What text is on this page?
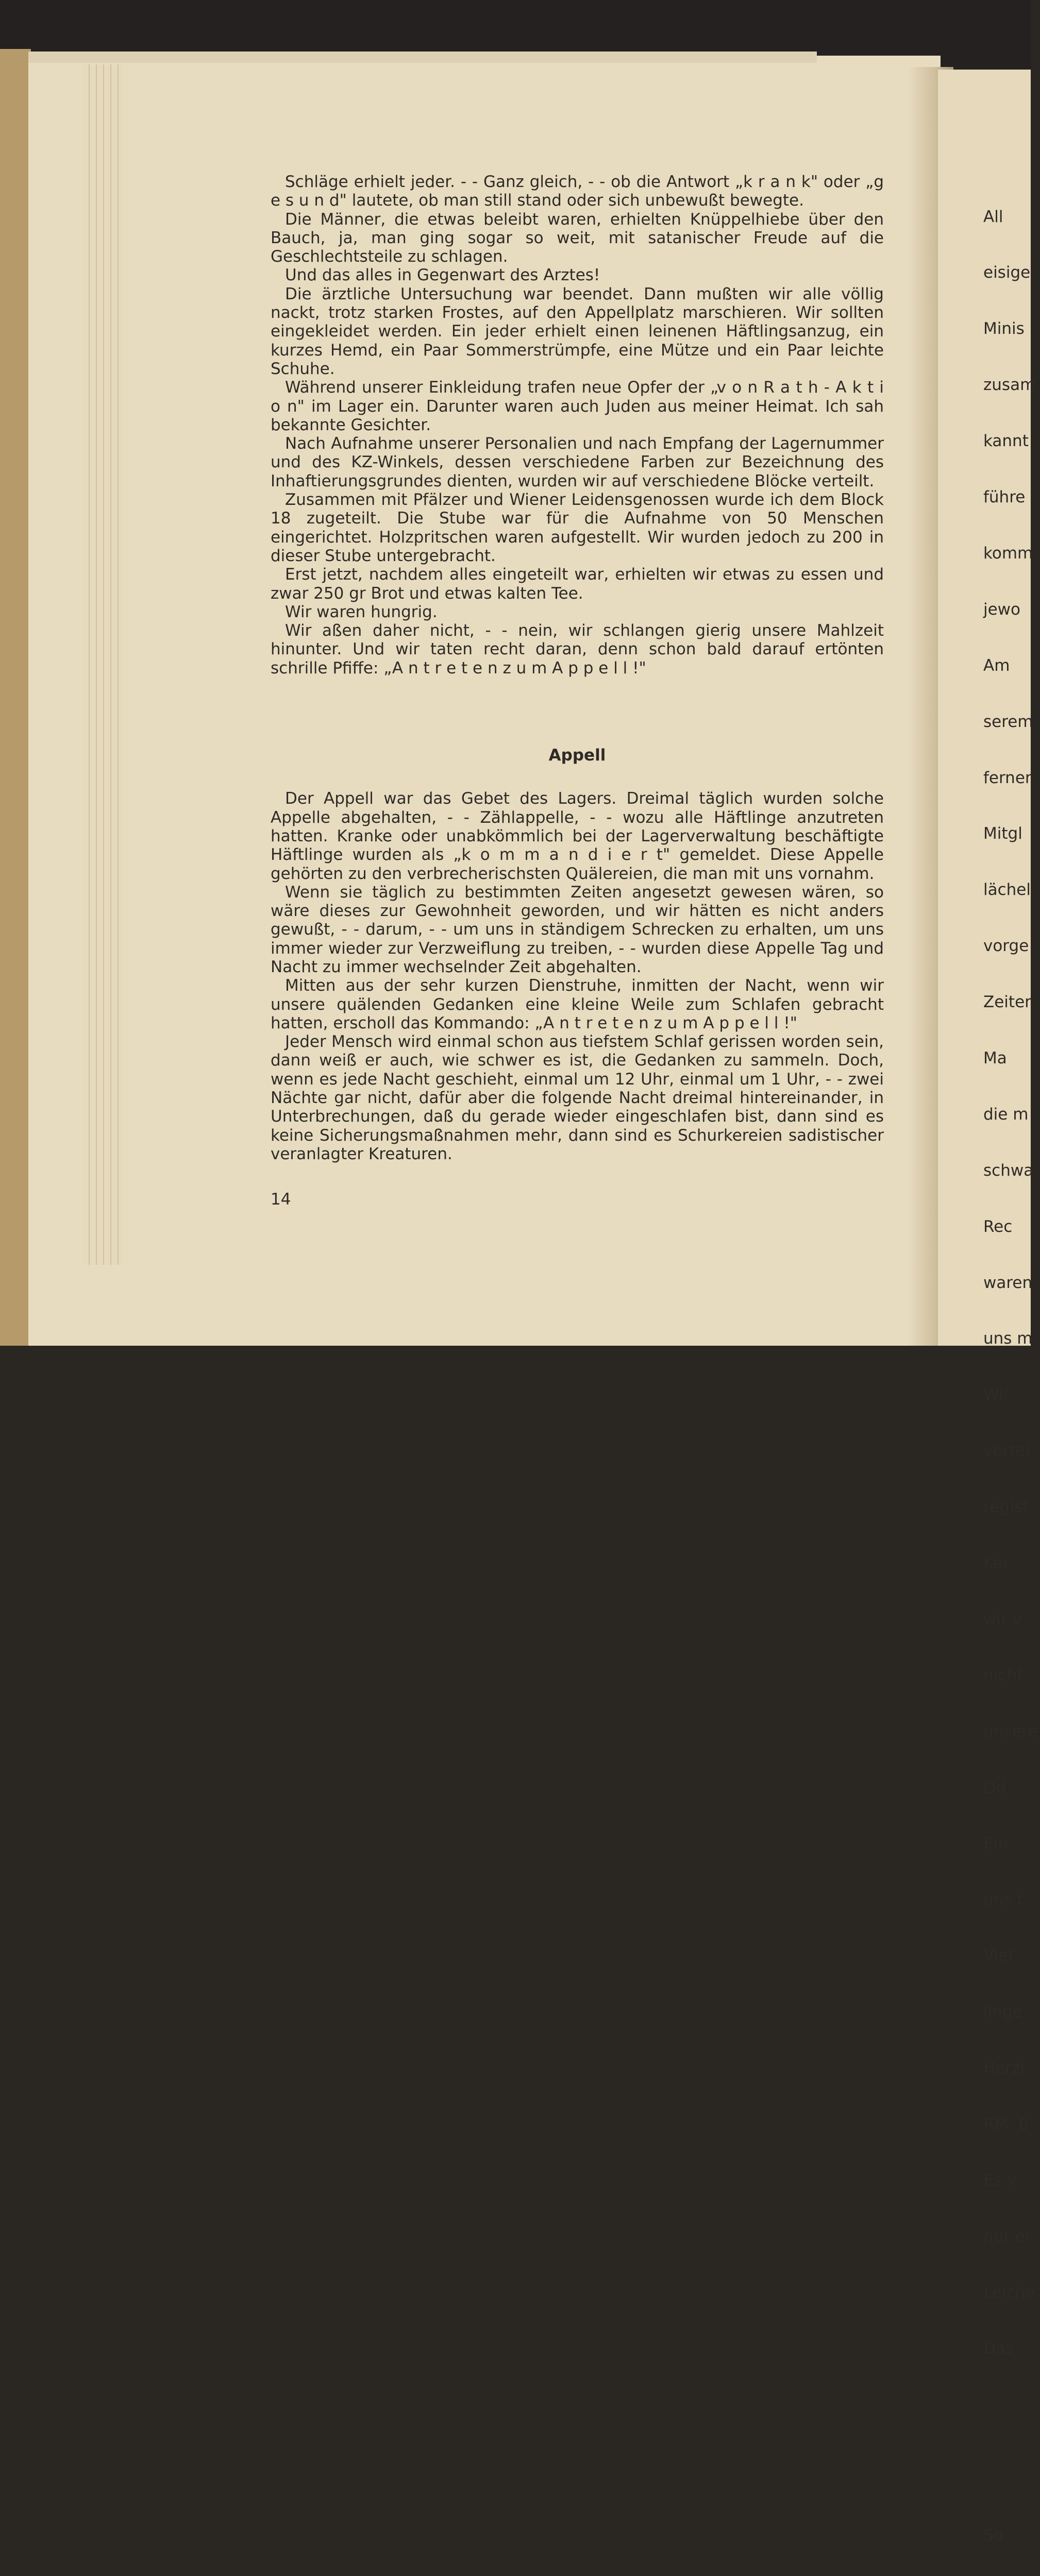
Schläge erhielt jeder. - - Ganz gleich, - - ob die Antwort „k r a n k" oder „g e s u n d" lautete, ob man still stand oder sich unbewußt bewegte.

Die Männer, die etwas beleibt waren, erhielten Knüppelhiebe über den Bauch, ja, man ging sogar so weit, mit satanischer Freude auf die Geschlechtsteile zu schlagen.

Und das alles in Gegenwart des Arztes!

Die ärztliche Untersuchung war beendet. Dann mußten wir alle völlig nackt, trotz starken Frostes, auf den Appellplatz marschieren. Wir sollten eingekleidet werden. Ein jeder erhielt einen leinenen Häftlingsanzug, ein kurzes Hemd, ein Paar Sommerstrümpfe, eine Mütze und ein Paar leichte Schuhe.

Während unserer Einkleidung trafen neue Opfer der „v o n R a t h - A k t i o n" im Lager ein. Darunter waren auch Juden aus meiner Heimat. Ich sah bekannte Gesichter.

Nach Aufnahme unserer Personalien und nach Empfang der Lagernummer und des KZ-Winkels, dessen verschiedene Farben zur Bezeichnung des Inhaftierungsgrundes dienten, wurden wir auf verschiedene Blöcke verteilt.

Zusammen mit Pfälzer und Wiener Leidensgenossen wurde ich dem Block 18 zugeteilt. Die Stube war für die Aufnahme von 50 Menschen eingerichtet. Holzpritschen waren aufgestellt. Wir wurden jedoch zu 200 in dieser Stube untergebracht.

Erst jetzt, nachdem alles eingeteilt war, erhielten wir etwas zu essen und zwar 250 gr Brot und etwas kalten Tee.

Wir waren hungrig.

Wir aßen daher nicht, - - nein, wir schlangen gierig unsere Mahlzeit hinunter. Und wir taten recht daran, denn schon bald darauf ertönten schrille Pfiffe: „A n t r e t e n z u m A p p e l l !"

Appell

Der Appell war das Gebet des Lagers. Dreimal täglich wurden solche Appelle abgehalten, - - Zählappelle, - - wozu alle Häftlinge anzutreten hatten. Kranke oder unabkömmlich bei der Lagerverwaltung beschäftigte Häftlinge wurden als „k o m m a n d i e r t" gemeldet. Diese Appelle gehörten zu den verbrecherischsten Quälereien, die man mit uns vornahm.

Wenn sie täglich zu bestimmten Zeiten angesetzt gewesen wären, so wäre dieses zur Gewohnheit geworden, und wir hätten es nicht anders gewußt, - - darum, - - um uns in ständigem Schrecken zu erhalten, um uns immer wieder zur Verzweiflung zu treiben, - - wurden diese Appelle Tag und Nacht zu immer wechselnder Zeit abgehalten.

Mitten aus der sehr kurzen Dienstruhe, inmitten der Nacht, wenn wir unsere quälenden Gedanken eine kleine Weile zum Schlafen gebracht hatten, erscholl das Kommando: „A n t r e t e n z u m A p p e l l !"

Jeder Mensch wird einmal schon aus tiefstem Schlaf gerissen worden sein, dann weiß er auch, wie schwer es ist, die Gedanken zu sammeln. Doch, wenn es jede Nacht geschieht, einmal um 12 Uhr, einmal um 1 Uhr, - - zwei Nächte gar nicht, dafür aber die folgende Nacht dreimal hintereinander, in Unterbrechungen, daß du gerade wieder eingeschlafen bist, dann sind es keine Sicherungsmaßnahmen mehr, dann sind es Schurkereien sadistischer veranlagter Kreaturen.

14

All

eisige

Minis

zusam

kannt

führe

komm

jewo

Am

serem

ferner

Mitgl

lächel

vorge

Zeiter

Ma

die m

schwa

Rec

waren

uns m

Wir

vertei

regist

Kei

wir v

nicht

unsere

Od

Ein

uns t

Viel

linge

Herzl

RM. 6

Es v

nur ei

Leiche

Das

So
